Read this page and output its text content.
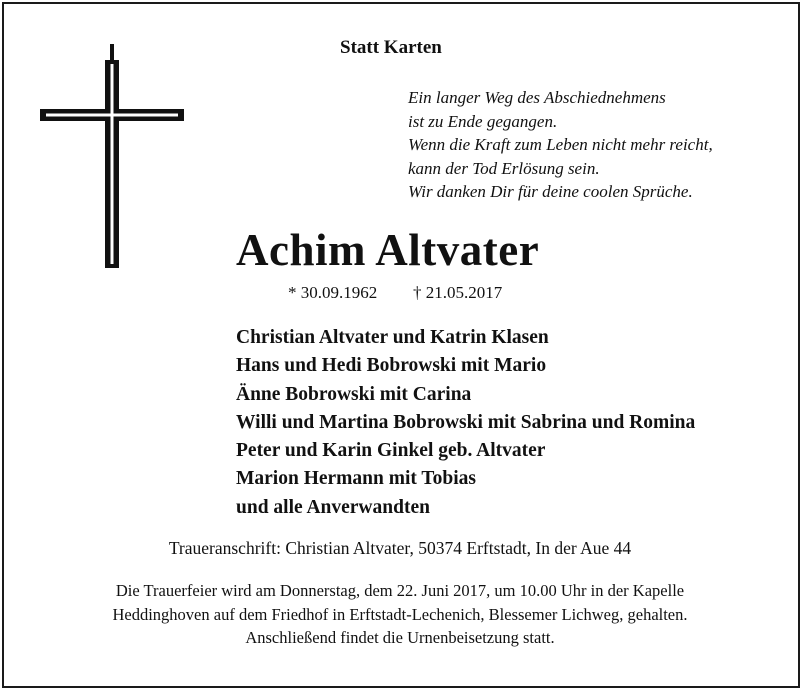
Statt Karten
Ein langer Weg des Abschiednehmens
ist zu Ende gegangen.
Wenn die Kraft zum Leben nicht mehr reicht,
kann der Tod Erlösung sein.
Wir danken Dir für deine coolen Sprüche.
Achim Altvater
* 30.09.1962 † 21.05.2017
Christian Altvater und Katrin Klasen
Hans und Hedi Bobrowski mit Mario
Änne Bobrowski mit Carina
Willi und Martina Bobrowski mit Sabrina und Romina
Peter und Karin Ginkel geb. Altvater
Marion Hermann mit Tobias
und alle Anverwandten
Traueranschrift: Christian Altvater, 50374 Erftstadt, In der Aue 44
Die Trauerfeier wird am Donnerstag, dem 22. Juni 2017, um 10.00 Uhr in der Kapelle
Heddinghoven auf dem Friedhof in Erftstadt-Lechenich, Blessemer Lichweg, gehalten.
Anschließend findet die Urnenbeisetzung statt.
